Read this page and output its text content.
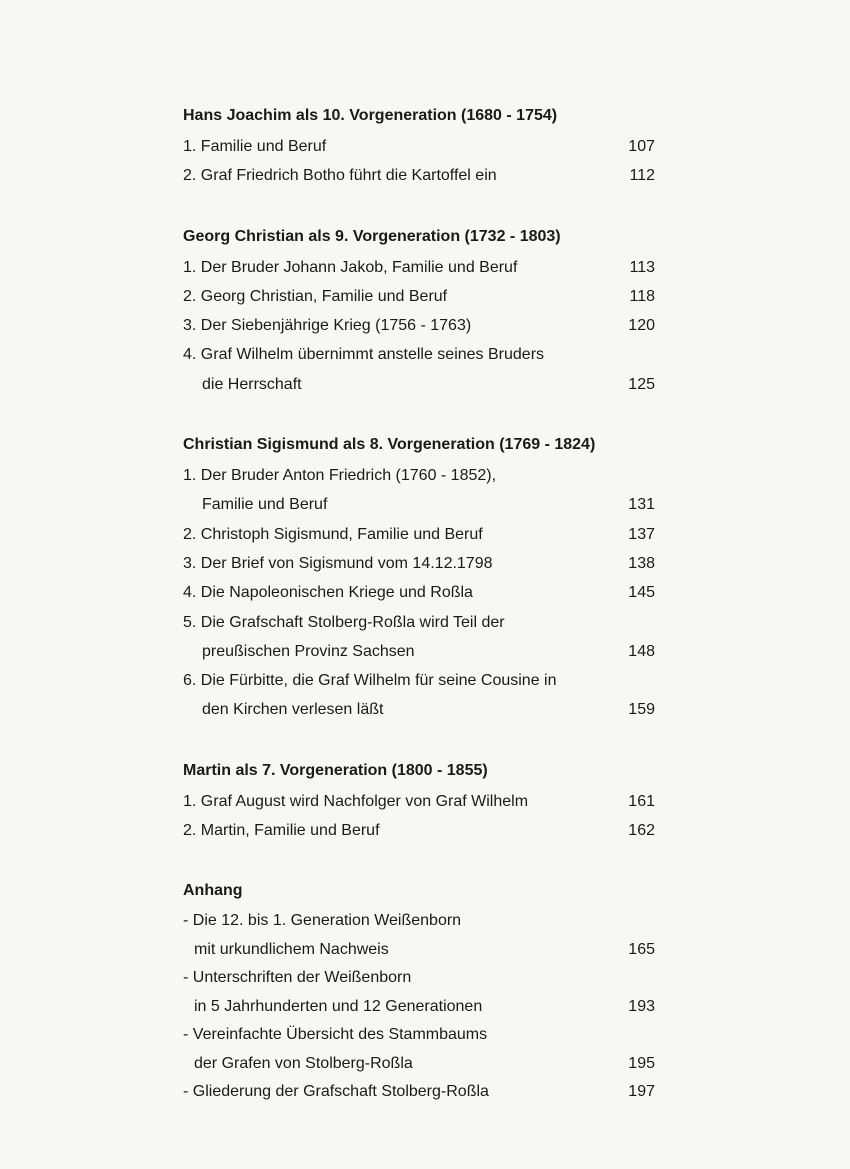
Hans Joachim als 10. Vorgeneration (1680 - 1754)
1. Familie und Beruf	107
2. Graf Friedrich Botho führt die Kartoffel ein	112
Georg Christian als 9. Vorgeneration (1732 - 1803)
1. Der Bruder Johann Jakob, Familie und Beruf	113
2. Georg Christian, Familie und Beruf	118
3. Der Siebenjährige Krieg (1756 - 1763)	120
4. Graf Wilhelm übernimmt anstelle seines Bruders
die Herrschaft	125
Christian Sigismund als 8. Vorgeneration (1769 - 1824)
1. Der Bruder Anton Friedrich (1760 - 1852),
Familie und Beruf	131
2. Christoph Sigismund, Familie und Beruf	137
3. Der Brief von Sigismund vom 14.12.1798	138
4. Die Napoleonischen Kriege und Roßla	145
5. Die Grafschaft Stolberg-Roßla wird Teil der
preußischen Provinz Sachsen	148
6. Die Fürbitte, die Graf Wilhelm für seine Cousine in
den Kirchen verlesen läßt	159
Martin als 7. Vorgeneration (1800 - 1855)
1. Graf August wird Nachfolger von Graf Wilhelm	161
2. Martin, Familie und Beruf	162
Anhang
- Die 12. bis 1. Generation Weißenborn
mit urkundlichem Nachweis	165
- Unterschriften der Weißenborn
in 5 Jahrhunderten und 12 Generationen	193
- Vereinfachte Übersicht des Stammbaums
der Grafen von Stolberg-Roßla	195
- Gliederung der Grafschaft Stolberg-Roßla	197
